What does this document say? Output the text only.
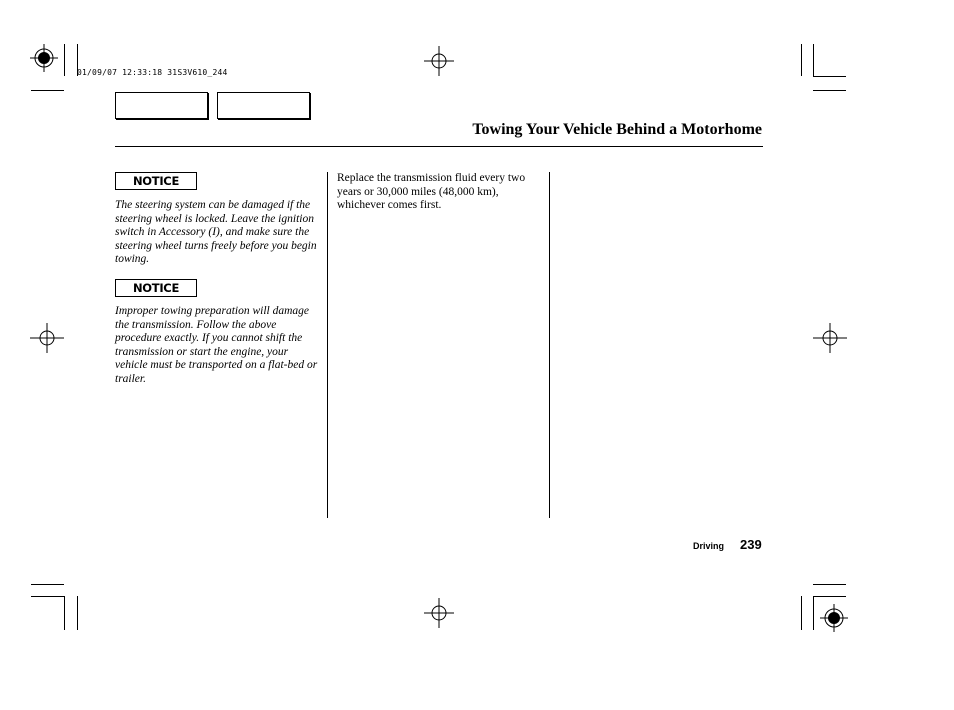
01/09/07 12:33:18 31S3V610_244
Towing Your Vehicle Behind a Motorhome
NOTICE
The steering system can be damaged if the steering wheel is locked. Leave the ignition switch in Accessory (I), and make sure the steering wheel turns freely before you begin towing.
NOTICE
Improper towing preparation will damage the transmission. Follow the above procedure exactly. If you cannot shift the transmission or start the engine, your vehicle must be transported on a flat-bed or trailer.
Replace the transmission fluid every two years or 30,000 miles (48,000 km), whichever comes first.
Driving 239
